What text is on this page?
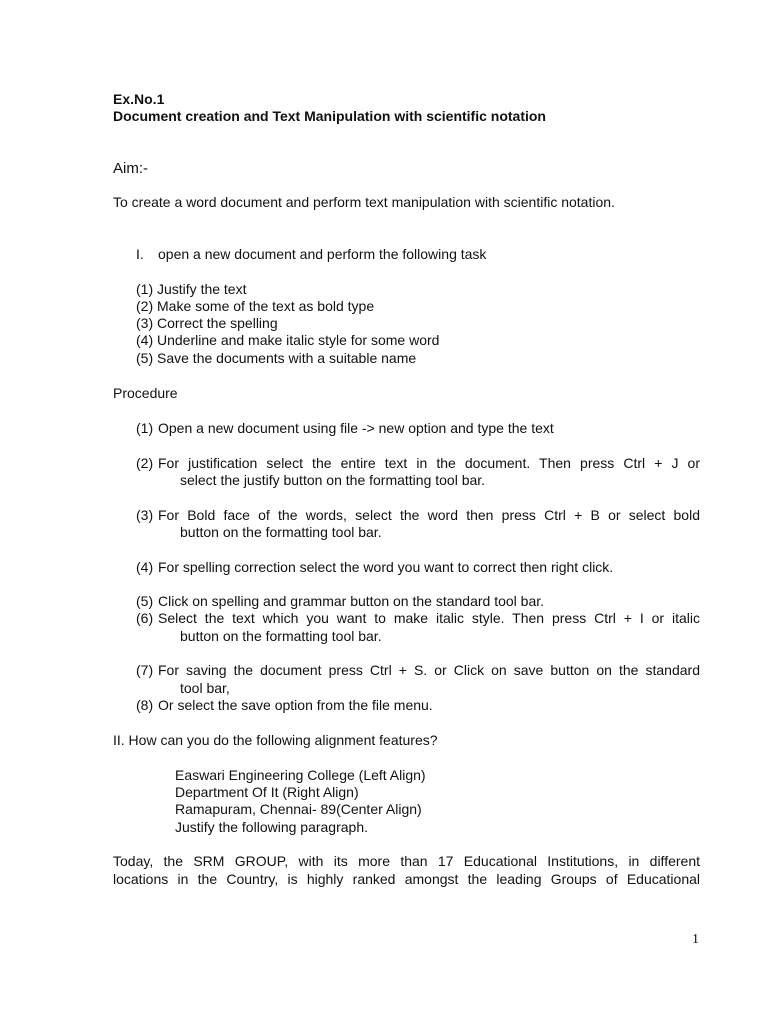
Ex.No.1
Document creation and Text Manipulation with scientific notation
Aim:-
To create a word document and perform text manipulation with scientific notation.
I. open a new document and perform the following task
(1) Justify the text
(2) Make some of the text as bold type
(3) Correct the spelling
(4) Underline and make italic style for some word
(5) Save the documents with a suitable name
Procedure
(1) Open a new document using file -> new option and type the text
(2) For justification select the entire text in the document. Then press Ctrl + J or
select the justify button on the formatting tool bar.
(3) For Bold face of the words, select the word then press Ctrl + B or select bold
button on the formatting tool bar.
(4) For spelling correction select the word you want to correct then right click.
(5) Click on spelling and grammar button on the standard tool bar.
(6) Select the text which you want to make italic style. Then press Ctrl + I or italic
button on the formatting tool bar.
(7) For saving the document press Ctrl + S. or Click on save button on the standard
tool bar,
(8) Or select the save option from the file menu.
II. How can you do the following alignment features?
Easwari Engineering College (Left Align)
Department Of It (Right Align)
Ramapuram, Chennai- 89(Center Align)
Justify the following paragraph.
Today, the SRM GROUP, with its more than 17 Educational Institutions, in different
locations in the Country, is highly ranked amongst the leading Groups of Educational
1
